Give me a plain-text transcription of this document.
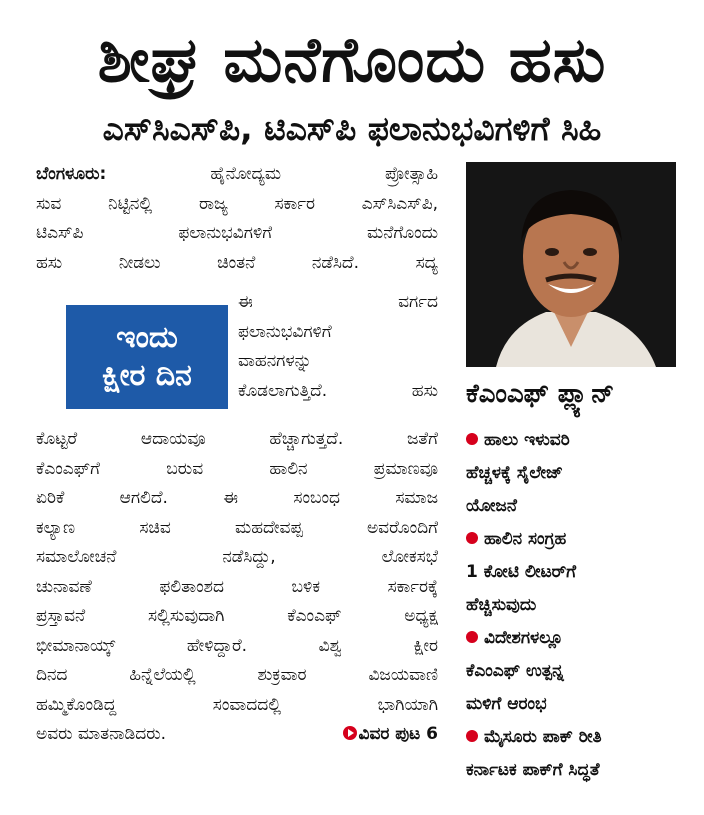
ಶೀಘ್ರ ಮನೆಗೊಂದು ಹಸು
ಎಸ್‌ಸಿಎಸ್‌ಪಿ, ಟಿಎಸ್‌ಪಿ ಫಲಾನುಭವಿಗಳಿಗೆ ಸಿಹಿ
ಬೆಂಗಳೂರು:	ಹೈನೋದ್ಯಮ ಪ್ರೋತ್ಸಾಹಿ
ಸುವ ನಿಟ್ಟಿನಲ್ಲಿ ರಾಜ್ಯ ಸರ್ಕಾರ ಎಸ್‌ಸಿಎಸ್‌ಪಿ,
ಟಿಎಸ್‌ಪಿ ಫಲಾನುಭವಿಗಳಿಗೆ ಮನೆಗೊಂದು
ಹಸು ನೀಡಲು ಚಿಂತನೆ ನಡೆಸಿದೆ. ಸದ್ಯ
ಈ ವರ್ಗದ
ಫಲಾನುಭವಿಗಳಿಗೆ
ವಾಹನಗಳನ್ನು
ಕೊಡಲಾಗುತ್ತಿದೆ. ಹಸು
ಇಂದು
ಕ್ಷೀರ ದಿನ
ಕೊಟ್ಟರೆ ಆದಾಯವೂ ಹೆಚ್ಚಾಗುತ್ತದೆ. ಜತೆಗೆ
ಕೆಎಂಎಫ್‌ಗೆ ಬರುವ ಹಾಲಿನ ಪ್ರಮಾಣವೂ
ಏರಿಕೆ ಆಗಲಿದೆ. ಈ ಸಂಬಂಧ ಸಮಾಜ
ಕಲ್ಯಾಣ ಸಚಿವ ಮಹದೇವಪ್ಪ ಅವರೊಂದಿಗೆ
ಸಮಾಲೋಚನೆ ನಡೆಸಿದ್ದು, ಲೋಕಸಭೆ
ಚುನಾವಣೆ ಫಲಿತಾಂಶದ ಬಳಿಕ ಸರ್ಕಾರಕ್ಕೆ
ಪ್ರಸ್ತಾವನೆ ಸಲ್ಲಿಸುವುದಾಗಿ ಕೆಎಂಎಫ್ ಅಧ್ಯಕ್ಷ
ಭೀಮಾನಾಯ್ಕ್ ಹೇಳಿದ್ದಾರೆ. ವಿಶ್ವ ಕ್ಷೀರ
ದಿನದ ಹಿನ್ನೆಲೆಯಲ್ಲಿ ಶುಕ್ರವಾರ ವಿಜಯವಾಣಿ
ಹಮ್ಮಿಕೊಂಡಿದ್ದ ಸಂವಾದದಲ್ಲಿ ಭಾಗಿಯಾಗಿ
ಅವರು ಮಾತನಾಡಿದರು.	ವಿವರ ಪುಟ 6
ಕೆಎಂಎಫ್ ಪ್ಲ್ಯಾನ್
ಹಾಲು ಇಳುವರಿ
ಹೆಚ್ಚಳಕ್ಕೆ ಸೈಲೇಜ್
ಯೋಜನೆ
ಹಾಲಿನ ಸಂಗ್ರಹ
1 ಕೋಟಿ ಲೀಟರ್‌ಗೆ
ಹೆಚ್ಚಿಸುವುದು
ವಿದೇಶಗಳಲ್ಲೂ
ಕೆಎಂಎಫ್ ಉತ್ಪನ್ನ
ಮಳಿಗೆ ಆರಂಭ
ಮೈಸೂರು ಪಾಕ್ ರೀತಿ
ಕರ್ನಾಟಕ ಪಾಕ್‌ಗೆ ಸಿದ್ಧತೆ
